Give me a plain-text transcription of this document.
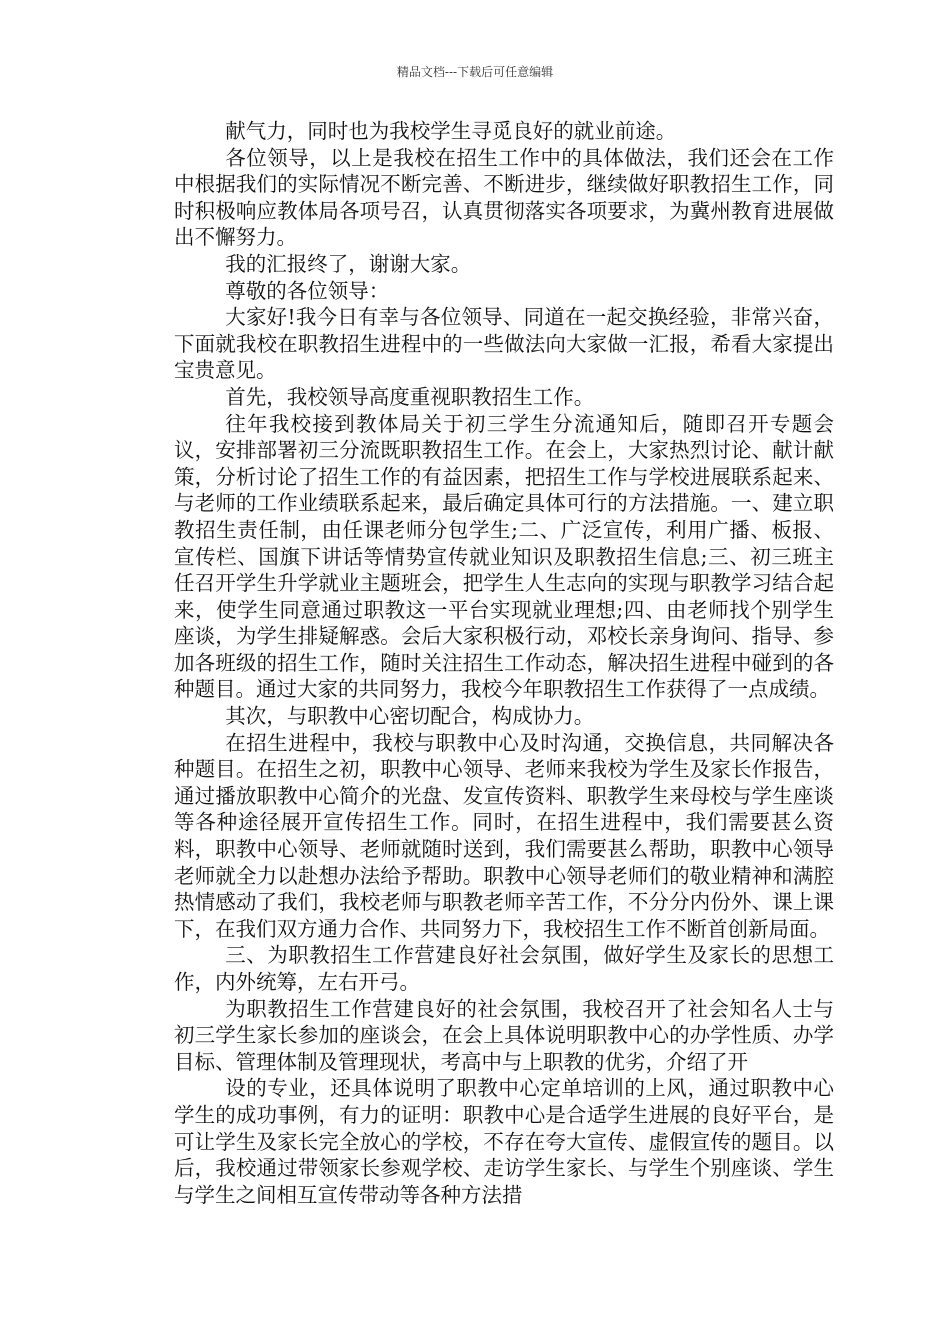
精品文档---下载后可任意编辑

献气力，同时也为我校学生寻觅良好的就业前途。

各位领导，以上是我校在招生工作中的具体做法，我们还会在工作中根据我们的实际情况不断完善、不断进步，继续做好职教招生工作，同时积极响应教体局各项号召，认真贯彻落实各项要求，为冀州教育进展做出不懈努力。

我的汇报终了，谢谢大家。

尊敬的各位领导：

大家好!我今日有幸与各位领导、同道在一起交换经验，非常兴奋，下面就我校在职教招生进程中的一些做法向大家做一汇报，希看大家提出宝贵意见。

首先，我校领导高度重视职教招生工作。

往年我校接到教体局关于初三学生分流通知后，随即召开专题会议，安排部署初三分流既职教招生工作。在会上，大家热烈讨论、献计献策，分析讨论了招生工作的有益因素，把招生工作与学校进展联系起来、与老师的工作业绩联系起来，最后确定具体可行的方法措施。一、建立职教招生责任制，由任课老师分包学生;二、广泛宣传，利用广播、板报、宣传栏、国旗下讲话等情势宣传就业知识及职教招生信息;三、初三班主任召开学生升学就业主题班会，把学生人生志向的实现与职教学习结合起来，使学生同意通过职教这一平台实现就业理想;四、由老师找个别学生座谈，为学生排疑解惑。会后大家积极行动，邓校长亲身询问、指导、参加各班级的招生工作，随时关注招生工作动态，解决招生进程中碰到的各种题目。通过大家的共同努力，我校今年职教招生工作获得了一点成绩。

其次，与职教中心密切配合，构成协力。

在招生进程中，我校与职教中心及时沟通，交换信息，共同解决各种题目。在招生之初，职教中心领导、老师来我校为学生及家长作报告，通过播放职教中心简介的光盘、发宣传资料、职教学生来母校与学生座谈等各种途径展开宣传招生工作。同时，在招生进程中，我们需要甚么资料，职教中心领导、老师就随时送到，我们需要甚么帮助，职教中心领导老师就全力以赴想办法给予帮助。职教中心领导老师们的敬业精神和满腔热情感动了我们，我校老师与职教老师辛苦工作，不分分内份外、课上课下，在我们双方通力合作、共同努力下，我校招生工作不断首创新局面。

三、为职教招生工作营建良好社会氛围，做好学生及家长的思想工作，内外统筹，左右开弓。

为职教招生工作营建良好的社会氛围，我校召开了社会知名人士与初三学生家长参加的座谈会，在会上具体说明职教中心的办学性质、办学目标、管理体制及管理现状，考高中与上职教的优劣，介绍了开

设的专业，还具体说明了职教中心定单培训的上风，通过职教中心学生的成功事例，有力的证明：职教中心是合适学生进展的良好平台，是可让学生及家长完全放心的学校，不存在夸大宣传、虚假宣传的题目。以后，我校通过带领家长参观学校、走访学生家长、与学生个别座谈、学生与学生之间相互宣传带动等各种方法措
